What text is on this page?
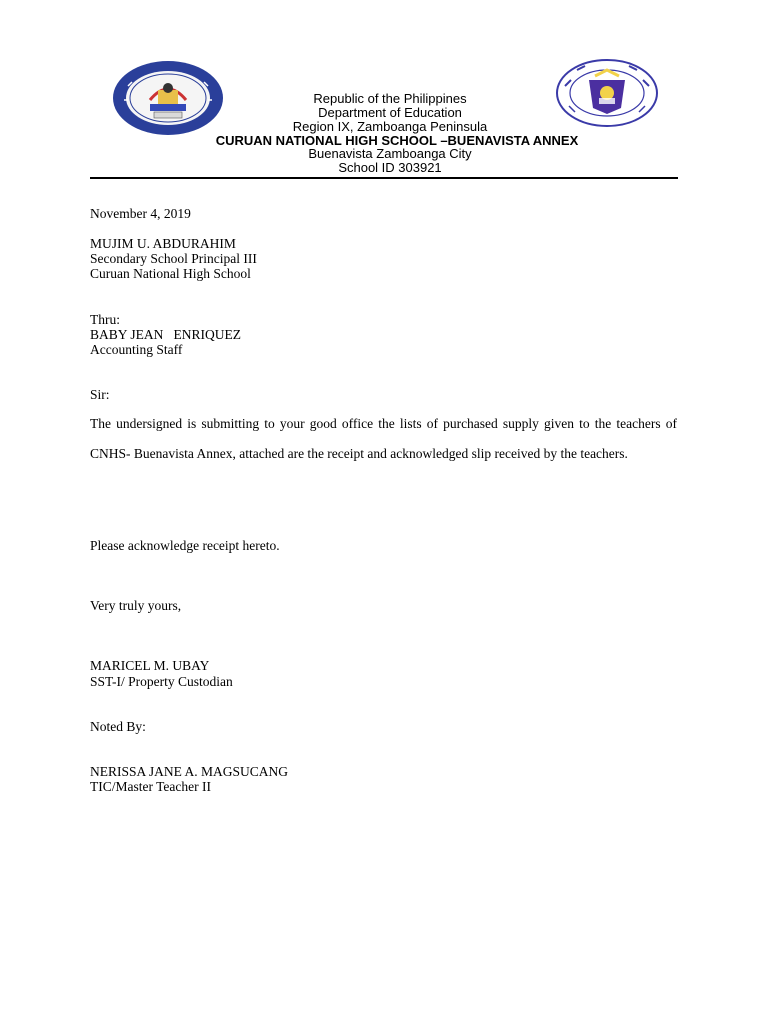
Republic of the Philippines
Department of Education
Region IX, Zamboanga Peninsula
CURUAN NATIONAL HIGH SCHOOL –BUENAVISTA ANNEX
Buenavista Zamboanga City
School ID 303921
November 4, 2019
MUJIM U. ABDURAHIM
Secondary School Principal III
Curuan National High School
Thru:
BABY JEAN   ENRIQUEZ
Accounting Staff
Sir:
The undersigned is submitting to your good office the lists of purchased supply given to the teachers of CNHS- Buenavista Annex, attached are the receipt and acknowledged slip received by the teachers.
Please acknowledge receipt hereto.
Very truly yours,
MARICEL M. UBAY
SST-I/ Property Custodian
Noted By:
NERISSA JANE A. MAGSUCANG
TIC/Master Teacher II
